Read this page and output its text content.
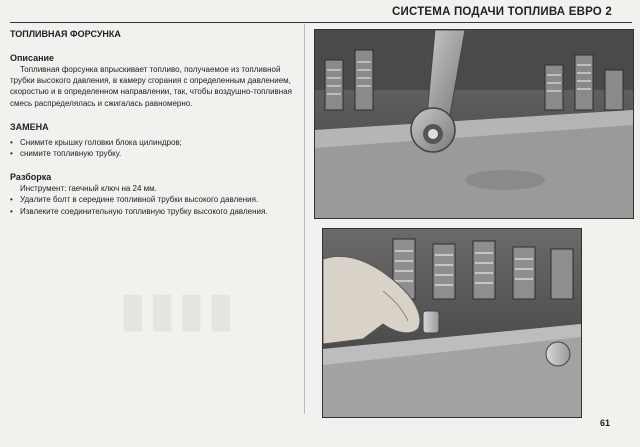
СИСТЕМА ПОДАЧИ ТОПЛИВА ЕВРО 2
ТОПЛИВНАЯ ФОРСУНКА
Описание

Топливная форсунка впрыскивает топливо, получаемое из топливной трубки высокого давления, в камеру сгорания с определенным давлением, скоростью и в определенном направлении, так, чтобы воздушно-топливная смесь распределялась и сжигалась равномерно.

ЗАМЕНА
• Снимите крышку головки блока цилиндров;
• снимите топливную трубку.
Разборка

Инструмент: гаечный ключ на 24 мм.

• Удалите болт в середине топливной трубки высокого давления.
• Извлеките соединительную топливную трубку высокого давления.
▮▮▮▮
61
